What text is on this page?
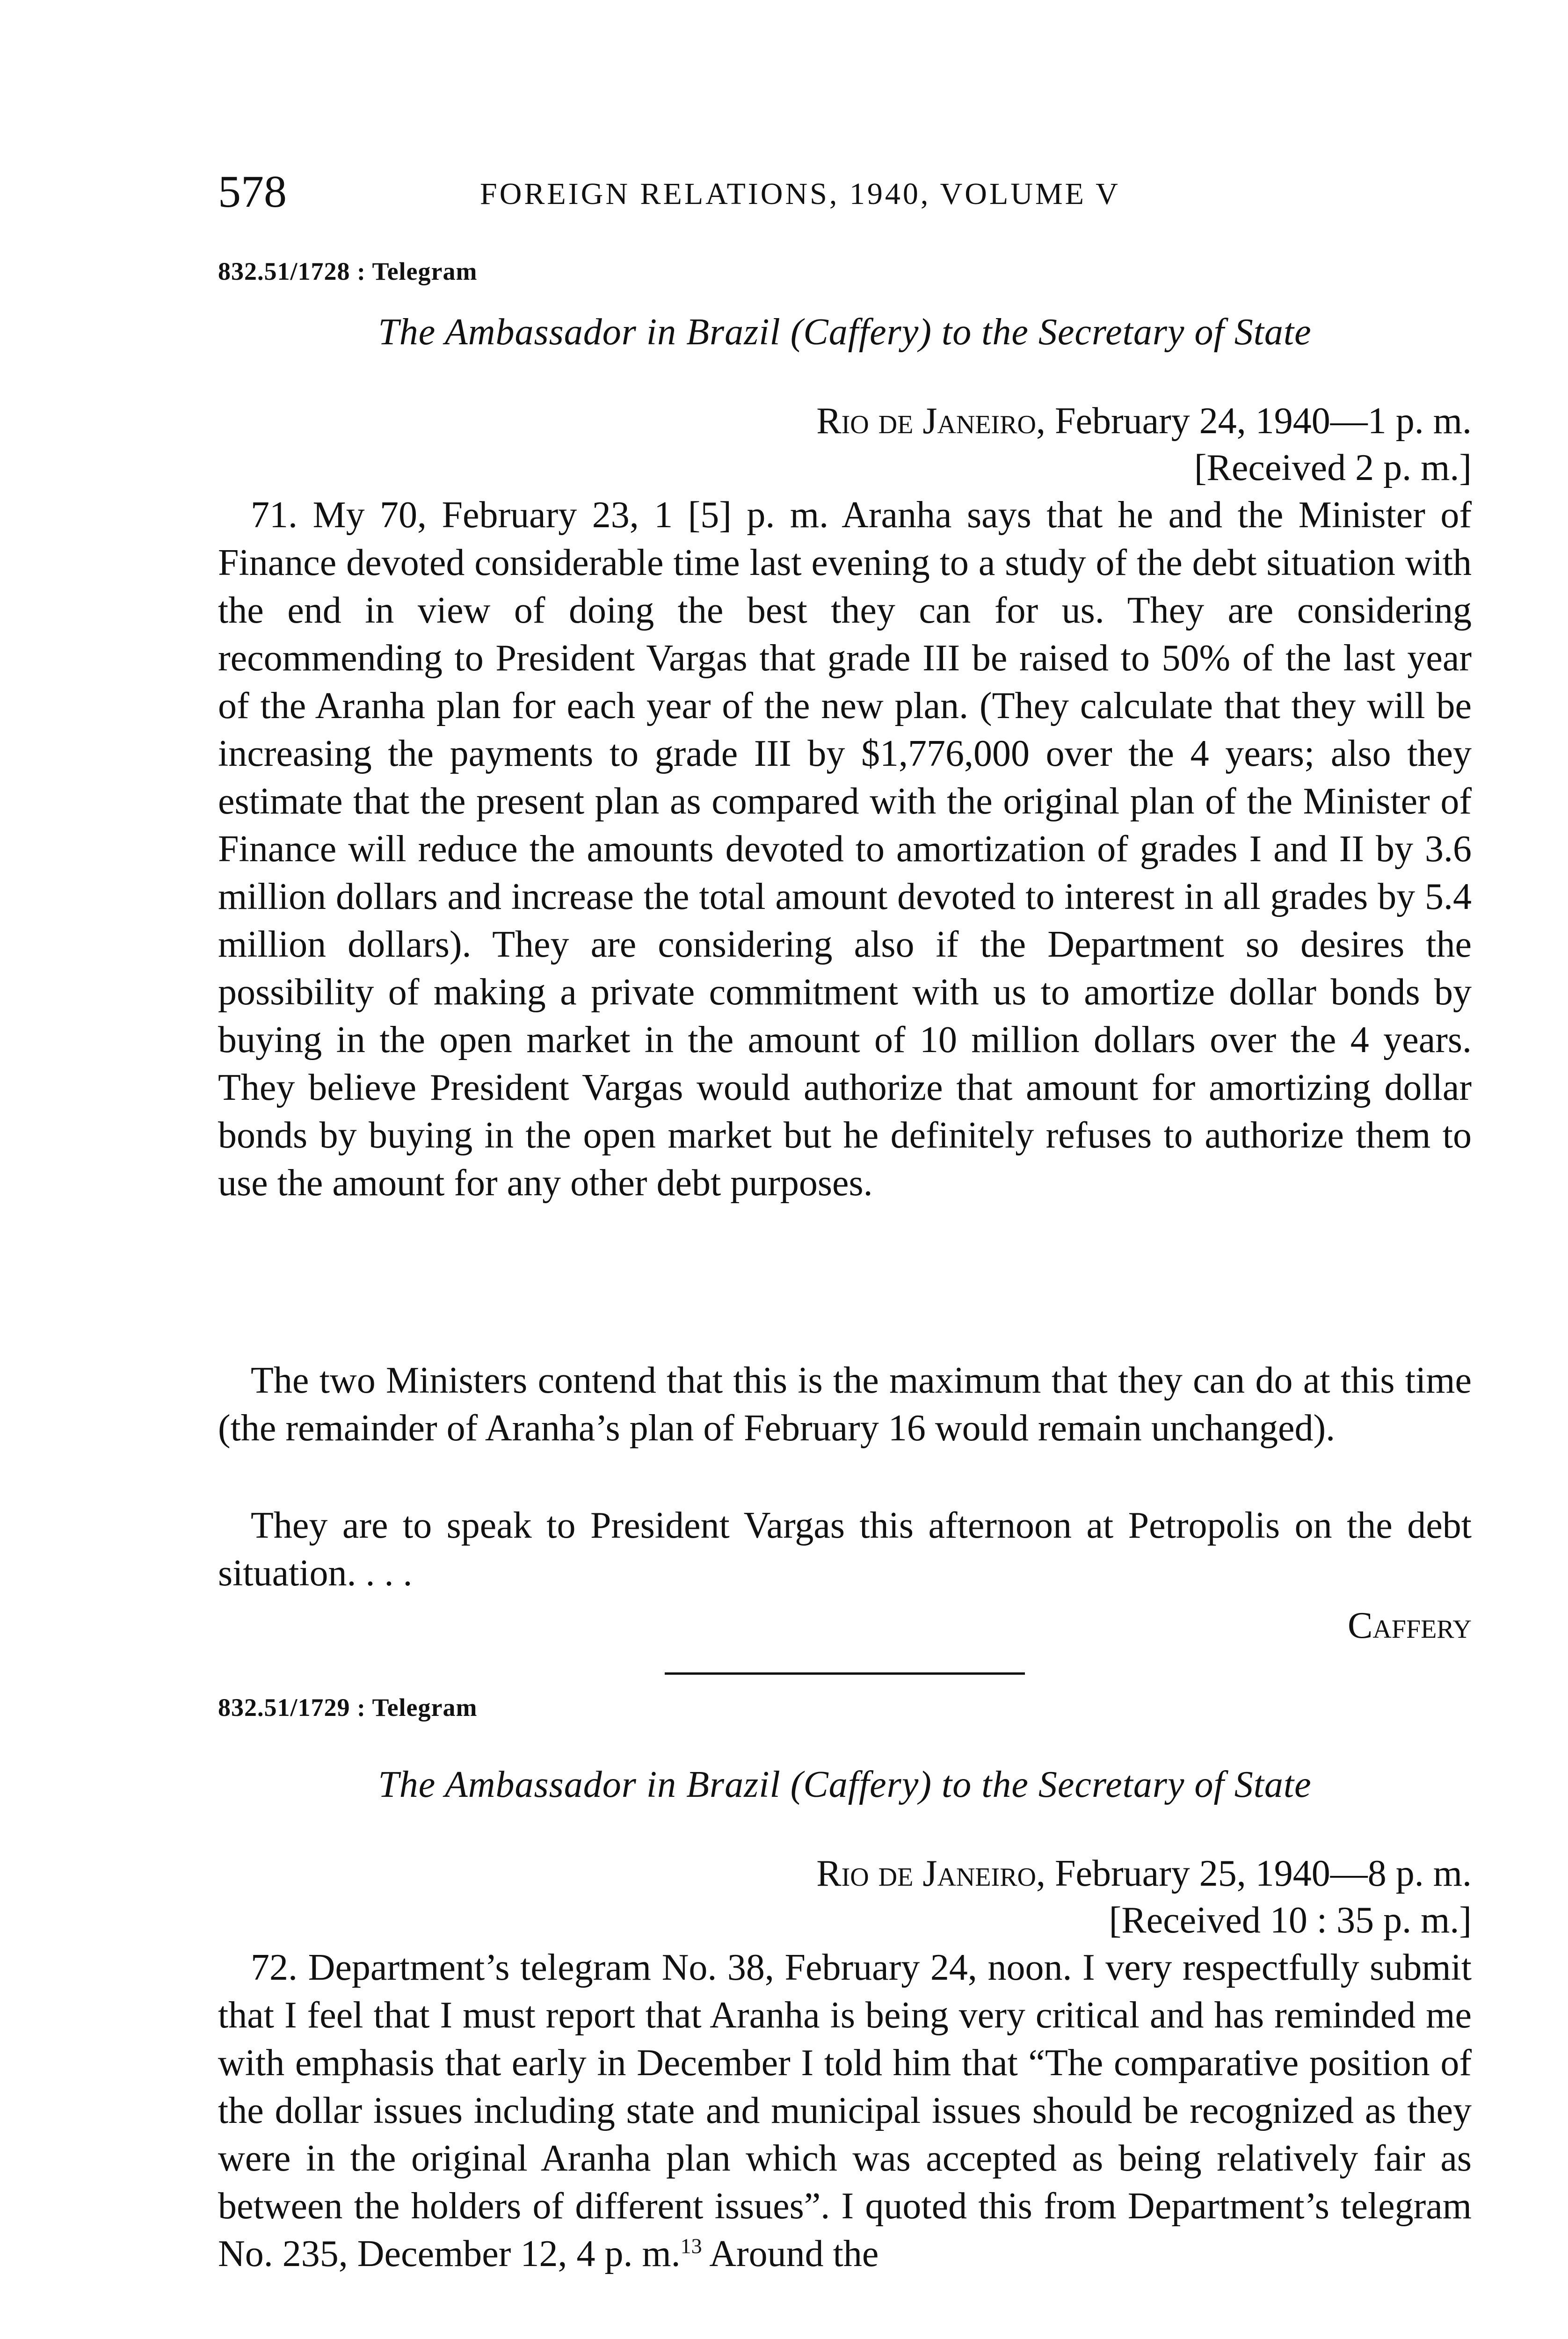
578	FOREIGN RELATIONS, 1940, VOLUME V
832.51/1728 : Telegram
The Ambassador in Brazil (Caffery) to the Secretary of State
Rio de Janeiro, February 24, 1940—1 p. m.
[Received 2 p. m.]

71. My 70, February 23, 1 [5] p. m. Aranha says that he and the Minister of Finance devoted considerable time last evening to a study of the debt situation with the end in view of doing the best they can for us. They are considering recommending to President Vargas that grade III be raised to 50% of the last year of the Aranha plan for each year of the new plan. (They calculate that they will be increasing the payments to grade III by $1,776,000 over the 4 years; also they estimate that the present plan as compared with the original plan of the Minister of Finance will reduce the amounts devoted to amortization of grades I and II by 3.6 million dollars and increase the total amount devoted to interest in all grades by 5.4 million dollars). They are considering also if the Department so desires the possibility of making a private commitment with us to amortize dollar bonds by buying in the open market in the amount of 10 million dollars over the 4 years. They believe President Vargas would authorize that amount for amortizing dollar bonds by buying in the open market but he definitely refuses to authorize them to use the amount for any other debt purposes.

The two Ministers contend that this is the maximum that they can do at this time (the remainder of Aranha’s plan of February 16 would remain unchanged).

They are to speak to President Vargas this afternoon at Petropolis on the debt situation. . . .

Caffery
832.51/1729 : Telegram
The Ambassador in Brazil (Caffery) to the Secretary of State
Rio de Janeiro, February 25, 1940—8 p. m.
[Received 10 : 35 p. m.]

72. Department’s telegram No. 38, February 24, noon. I very respectfully submit that I feel that I must report that Aranha is being very critical and has reminded me with emphasis that early in December I told him that “The comparative position of the dollar issues including state and municipal issues should be recognized as they were in the original Aranha plan which was accepted as being relatively fair as between the holders of different issues”. I quoted this from Department’s telegram No. 235, December 12, 4 p. m.$^{13}$ Around the
